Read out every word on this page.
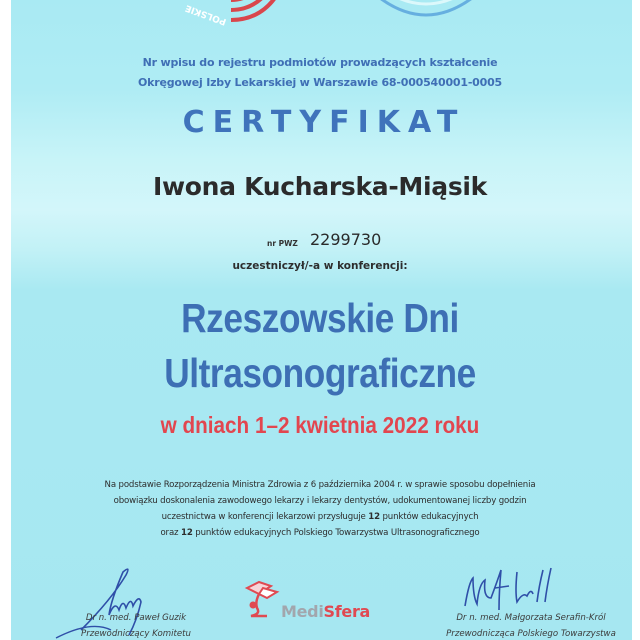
POLSKIE
Nr wpisu do rejestru podmiotów prowadzących kształcenie
Okręgowej Izby Lekarskiej w Warszawie 68-000540001-0005
CERTYFIKAT
Iwona Kucharska-Miąsik
nr PWZ 2299730
uczestniczył/-a w konferencji:
Rzeszowskie Dni
Ultrasonograficzne
w dniach 1–2 kwietnia 2022 roku
Na podstawie Rozporządzenia Ministra Zdrowia z 6 października 2004 r. w sprawie sposobu dopełnienia
obowiązku doskonalenia zawodowego lekarzy i lekarzy dentystów, udokumentowanej liczby godzin
uczestnictwa w konferencji lekarzowi przysługuje 12 punktów edukacyjnych
oraz 12 punktów edukacyjnych Polskiego Towarzystwa Ultrasonograficznego
Dr n. med. Paweł Guzik
Przewodniczący Komitetu
MediSfera	Dr n. med. Małgorzata Serafin-Król
Przewodnicząca Polskiego Towarzystwa
